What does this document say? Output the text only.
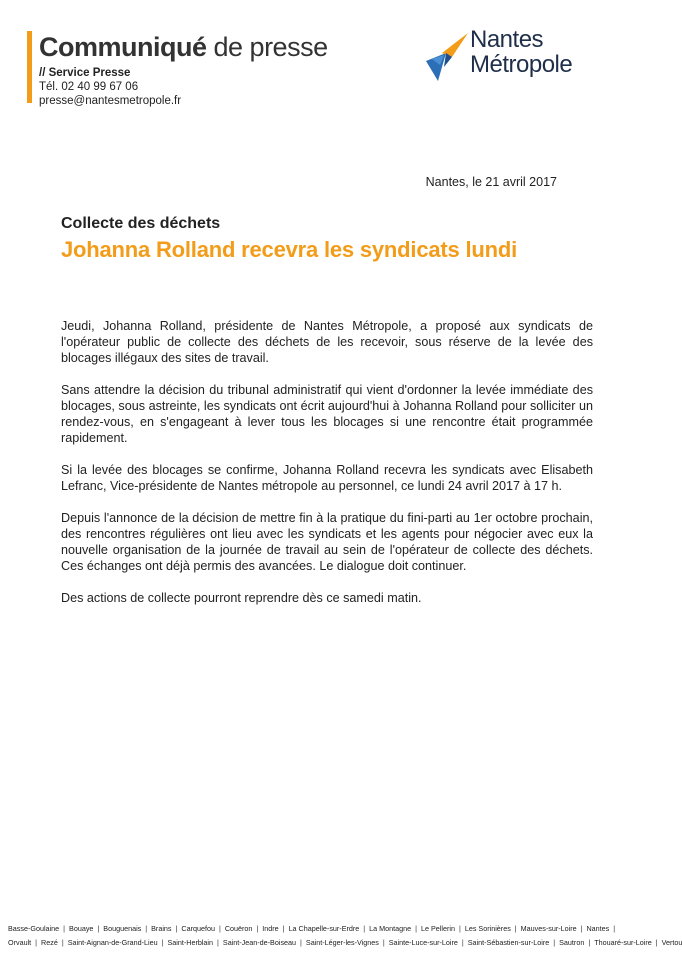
Communiqué de presse
// Service Presse
Tél. 02 40 99 67 06
presse@nantesmetropole.fr
Nantes
Métropole
Nantes, le 21 avril 2017
Collecte des déchets
Johanna Rolland recevra les syndicats lundi

Jeudi, Johanna Rolland, présidente de Nantes Métropole, a proposé aux syndicats de l'opérateur public de collecte des déchets de les recevoir, sous réserve de la levée des blocages illégaux des sites de travail.

Sans attendre la décision du tribunal administratif qui vient d'ordonner la levée immédiate des blocages, sous astreinte, les syndicats ont écrit aujourd'hui à Johanna Rolland pour solliciter un rendez-vous, en s'engageant à lever tous les blocages si une rencontre était programmée rapidement.

Si la levée des blocages se confirme, Johanna Rolland recevra les syndicats avec Elisabeth Lefranc, Vice-présidente de Nantes métropole au personnel, ce lundi 24 avril 2017 à 17 h.

Depuis l'annonce de la décision de mettre fin à la pratique du fini-parti au 1er octobre prochain, des rencontres régulières ont lieu avec les syndicats et les agents pour négocier avec eux la nouvelle organisation de la journée de travail au sein de l'opérateur de collecte des déchets. Ces échanges ont déjà permis des avancées. Le dialogue doit continuer.

Des actions de collecte pourront reprendre dès ce samedi matin.

Basse-Goulaine | Bouaye | Bouguenais | Brains | Carquefou | Couëron | Indre | La Chapelle-sur-Erdre | La Montagne | Le Pellerin | Les Sorinières | Mauves-sur-Loire | Nantes |
Orvault | Rezé | Saint-Aignan-de-Grand-Lieu | Saint-Herblain | Saint-Jean-de-Boiseau | Saint-Léger-les-Vignes | Sainte-Luce-sur-Loire | Saint-Sébastien-sur-Loire | Sautron | Thouaré-sur-Loire | Vertou
